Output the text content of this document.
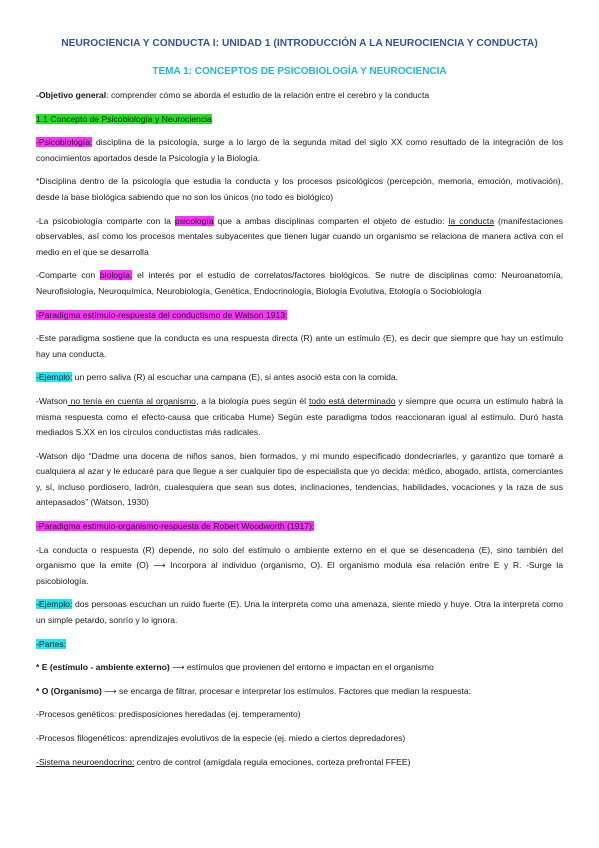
NEUROCIENCIA Y CONDUCTA I: UNIDAD 1 (INTRODUCCIÓN A LA NEUROCIENCIA Y CONDUCTA)
TEMA 1: CONCEPTOS DE PSICOBIOLOGÍA Y NEUROCIENCIA

-Objetivo general: comprender cómo se aborda el estudio de la relación entre el cerebro y la conducta

1.1 Concepto de Psicobiología y Neurociencia

-Psicobiología: disciplina de la psicología, surge a lo largo de la segunda mitad del siglo XX como resultado de la integración de los conocimientos aportados desde la Psicología y la Biología.

*Disciplina dentro de la psicología que estudia la conducta y los procesos psicológicos (percepción, memoria, emoción, motivación), desde la base biológica sabiendo que no son los únicos (no todo es biológico)

-La psicobiología comparte con la psicología que a ambas disciplinas comparten el objeto de estudio: la conducta (manifestaciones observables, así como los procesos mentales subyacentes que tienen lugar cuando un organismo se relaciona de manera activa con el medio en el que se desarrolla

-Comparte con biología: el interés por el estudio de correlatos/factores biológicos. Se nutre de disciplinas como: Neuroanatomía, Neurofisiología, Neuroquímica, Neurobiología, Genética, Endocrinología, Biología Evolutiva, Etología o Sociobiología

-Paradigma estímulo-respuesta del conductismo de Watson 1913:

-Este paradigma sostiene que la conducta es una respuesta directa (R) ante un estímulo (E), es decir que siempre que hay un estímulo hay una conducta.

-Ejemplo: un perro saliva (R) al escuchar una campana (E), si antes asoció esta con la comida.

-Watson no tenía en cuenta al organismo, a la biología pues según él todo está determinado y siempre que ocurra un estímulo habrá la misma respuesta como el efecto-causa que criticaba Hume) Según este paradigma todos reaccionaran igual al estímulo. Duró hasta mediados S.XX en los círculos conductistas más radicales.

-Watson dijo “Dadme una docena de niños sanos, bien formados, y mi mundo especificado dondecriarles, y garantizo que tomaré a cualquiera al azar y le educaré para que llegue a ser cualquier tipo de especialista que yo decida: médico, abogado, artista, comerciantes y, sí, incluso pordiosero, ladrón, cualesquiera que sean sus dotes, inclinaciones, tendencias, habilidades, vocaciones y la raza de sus antepasados” (Watson, 1930)

-Paradigma estímulo-organismo-respuesta de Robert Woodworth (1917):

-La conducta o respuesta (R) depende, no solo del estímulo o ambiente externo en el que se desencadena (E), sino también del organismo que la emite (O) ⟶ Incorpora al individuo (organismo, O). El organismo modula esa relación entre E y R. -Surge la psicobiología.

-Ejemplo: dos personas escuchan un ruido fuerte (E). Una la interpreta como una amenaza, siente miedo y huye. Otra la interpreta como un simple petardo, sonrío y lo ignora.

-Partes:

* E (estímulo - ambiente externo) ⟶ estímulos que provienen del entorno e impactan en el organismo

* O (Organismo) ⟶ se encarga de filtrar, procesar e interpretar los estímulos. Factores que median la respuesta:

-Procesos genéticos: predisposiciones heredadas (ej. temperamento)

-Procesos filogenéticos: aprendizajes evolutivos de la especie (ej. miedo a ciertos depredadores)

-Sistema neuroendocrino: centro de control (amígdala regula emociones, corteza prefrontal FFEE)
